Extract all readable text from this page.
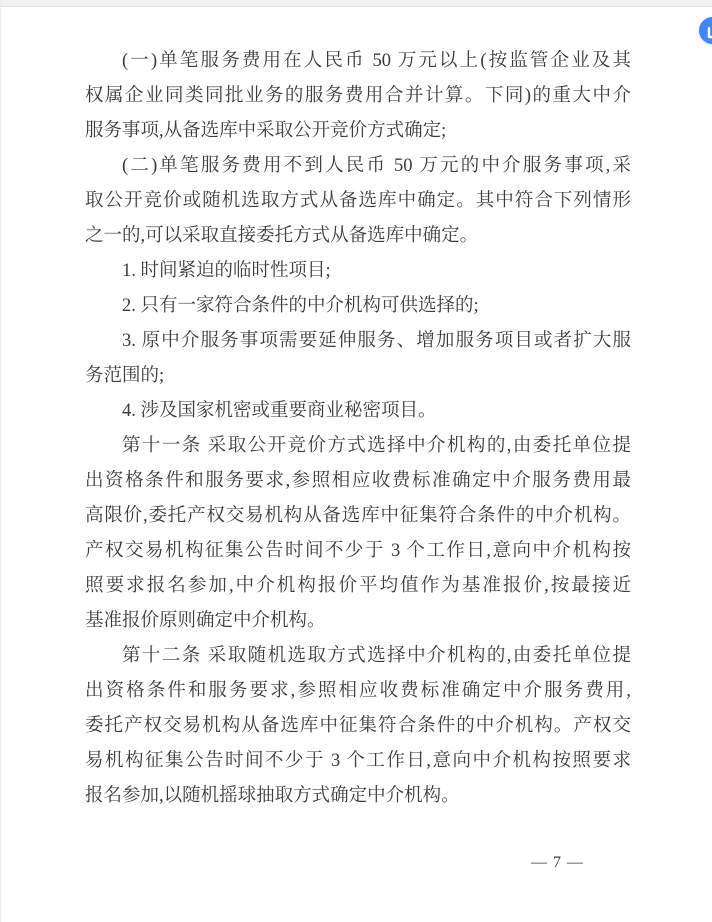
(一)单笔服务费用在人民币 50 万元以上(按监管企业及其
权属企业同类同批业务的服务费用合并计算。下同)的重大中介
服务事项,从备选库中采取公开竞价方式确定;
(二)单笔服务费用不到人民币 50 万元的中介服务事项,采
取公开竞价或随机选取方式从备选库中确定。其中符合下列情形
之一的,可以采取直接委托方式从备选库中确定。
1. 时间紧迫的临时性项目;
2. 只有一家符合条件的中介机构可供选择的;
3. 原中介服务事项需要延伸服务、增加服务项目或者扩大服
务范围的;
4. 涉及国家机密或重要商业秘密项目。
第十一条 采取公开竞价方式选择中介机构的,由委托单位提
出资格条件和服务要求,参照相应收费标准确定中介服务费用最
高限价,委托产权交易机构从备选库中征集符合条件的中介机构。
产权交易机构征集公告时间不少于 3 个工作日,意向中介机构按
照要求报名参加,中介机构报价平均值作为基准报价,按最接近
基准报价原则确定中介机构。
第十二条 采取随机选取方式选择中介机构的,由委托单位提
出资格条件和服务要求,参照相应收费标准确定中介服务费用,
委托产权交易机构从备选库中征集符合条件的中介机构。产权交
易机构征集公告时间不少于 3 个工作日,意向中介机构按照要求
报名参加,以随机摇球抽取方式确定中介机构。
— 7 —
